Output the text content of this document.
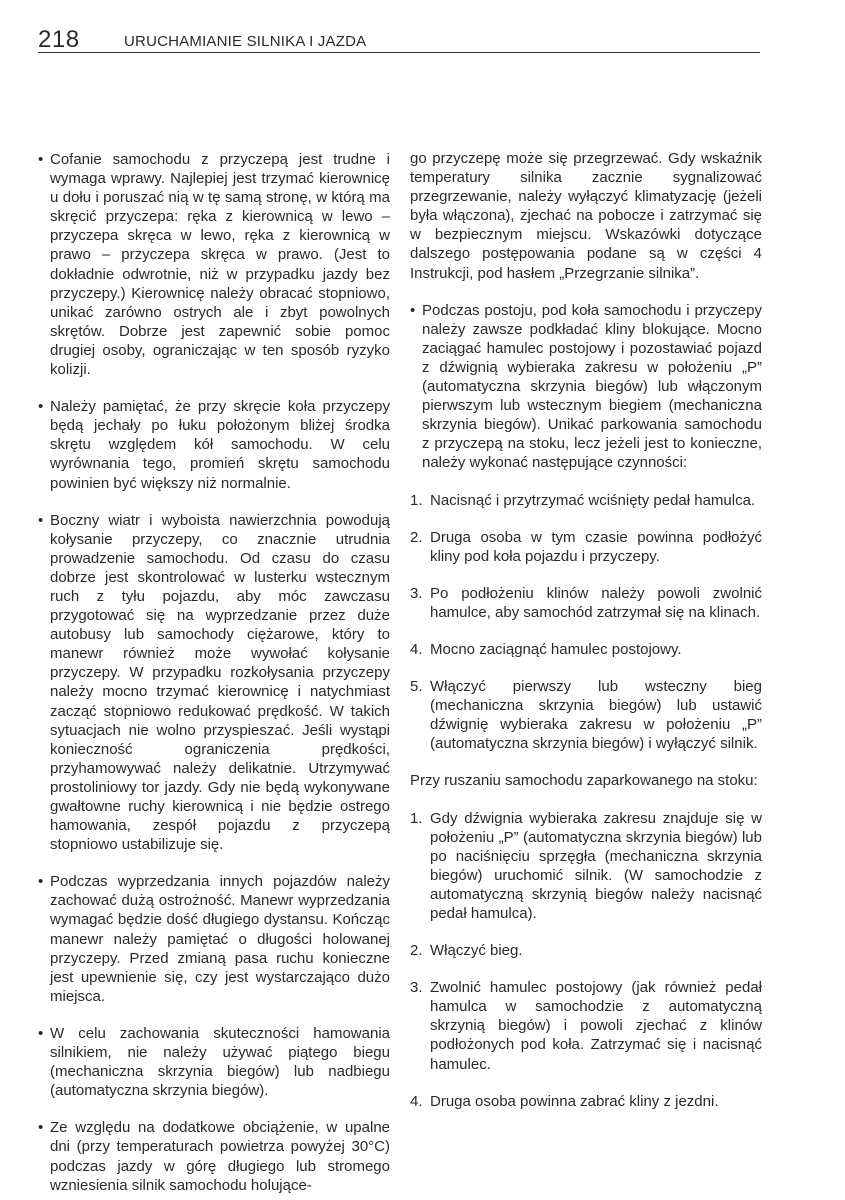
218	URUCHAMIANIE SILNIKA I JAZDA
• Cofanie samochodu z przyczepą jest trudne i wymaga wprawy. Najlepiej jest trzymać kierownicę u dołu i poruszać nią w tę samą stronę, w którą ma skręcić przyczepa: ręka z kierownicą w lewo – przyczepa skręca w lewo, ręka z kierownicą w prawo – przyczepa skręca w prawo. (Jest to dokładnie odwrotnie, niż w przypadku jazdy bez przyczepy.) Kierownicę należy obracać stopniowo, unikać zarówno ostrych ale i zbyt powolnych skrętów. Dobrze jest zapewnić sobie pomoc drugiej osoby, ograniczając w ten sposób ryzyko kolizji.
• Należy pamiętać, że przy skręcie koła przyczepy będą jechały po łuku położonym bliżej środka skrętu względem kół samochodu. W celu wyrównania tego, promień skrętu samochodu powinien być większy niż normalnie.
• Boczny wiatr i wyboista nawierzchnia powodują kołysanie przyczepy, co znacznie utrudnia prowadzenie samochodu. Od czasu do czasu dobrze jest skontrolować w lusterku wstecznym ruch z tyłu pojazdu, aby móc zawczasu przygotować się na wyprzedzanie przez duże autobusy lub samochody ciężarowe, który to manewr również może wywołać kołysanie przyczepy. W przypadku rozkołysania przyczepy należy mocno trzymać kierownicę i natychmiast zacząć stopniowo redukować prędkość. W takich sytuacjach nie wolno przyspieszać. Jeśli wystąpi konieczność ograniczenia prędkości, przyhamowywać należy delikatnie. Utrzymywać prostoliniowy tor jazdy. Gdy nie będą wykonywane gwałtowne ruchy kierownicą i nie będzie ostrego hamowania, zespół pojazdu z przyczepą stopniowo ustabilizuje się.
• Podczas wyprzedzania innych pojazdów należy zachować dużą ostrożność. Manewr wyprzedzania wymagać będzie dość długiego dystansu. Kończąc manewr należy pamiętać o długości holowanej przyczepy. Przed zmianą pasa ruchu konieczne jest upewnienie się, czy jest wystarczająco dużo miejsca.
• W celu zachowania skuteczności hamowania silnikiem, nie należy używać piątego biegu (mechaniczna skrzynia biegów) lub nadbiegu (automatyczna skrzynia biegów).
• Ze względu na dodatkowe obciążenie, w upalne dni (przy temperaturach powietrza powyżej 30°C) podczas jazdy w górę długiego lub stromego wzniesienia silnik samochodu holujące-
go przyczepę może się przegrzewać. Gdy wskaźnik temperatury silnika zacznie sygnalizować przegrzewanie, należy wyłączyć klimatyzację (jeżeli była włączona), zjechać na pobocze i zatrzymać się w bezpiecznym miejscu. Wskazówki dotyczące dalszego postępowania podane są w części 4 Instrukcji, pod hasłem „Przegrzanie silnika”.
• Podczas postoju, pod koła samochodu i przyczepy należy zawsze podkładać kliny blokujące. Mocno zaciągać hamulec postojowy i pozostawiać pojazd z dźwignią wybieraka zakresu w położeniu „P” (automatyczna skrzynia biegów) lub włączonym pierwszym lub wstecznym biegiem (mechaniczna skrzynia biegów). Unikać parkowania samochodu z przyczepą na stoku, lecz jeżeli jest to konieczne, należy wykonać następujące czynności:
1. Nacisnąć i przytrzymać wciśnięty pedał hamulca.
2. Druga osoba w tym czasie powinna podłożyć kliny pod koła pojazdu i przyczepy.
3. Po podłożeniu klinów należy powoli zwolnić hamulce, aby samochód zatrzymał się na klinach.
4. Mocno zaciągnąć hamulec postojowy.
5. Włączyć pierwszy lub wsteczny bieg (mechaniczna skrzynia biegów) lub ustawić dźwignię wybieraka zakresu w położeniu „P” (automatyczna skrzynia biegów) i wyłączyć silnik.
Przy ruszaniu samochodu zaparkowanego na stoku:
1. Gdy dźwignia wybieraka zakresu znajduje się w położeniu „P” (automatyczna skrzynia biegów) lub po naciśnięciu sprzęgła (mechaniczna skrzynia biegów) uruchomić silnik. (W samochodzie z automatyczną skrzynią biegów należy nacisnąć pedał hamulca).
2. Włączyć bieg.
3. Zwolnić hamulec postojowy (jak również pedał hamulca w samochodzie z automatyczną skrzynią biegów) i powoli zjechać z klinów podłożonych pod koła. Zatrzymać się i nacisnąć hamulec.
4. Druga osoba powinna zabrać kliny z jezdni.
